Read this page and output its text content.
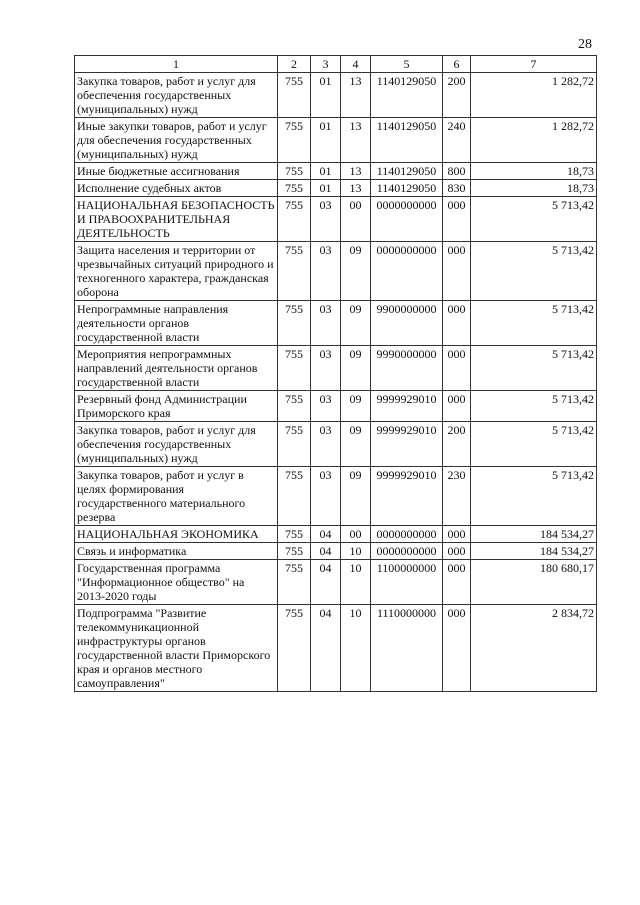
28
1	2	3	4	5	6	7
Закупка товаров, работ и услуг для обеспечения государственных (муниципальных) нужд	755	01	13	1140129050	200	1 282,72
Иные закупки товаров, работ и услуг для обеспечения государственных (муниципальных) нужд	755	01	13	1140129050	240	1 282,72
Иные бюджетные ассигнования	755	01	13	1140129050	800	18,73
Исполнение судебных актов	755	01	13	1140129050	830	18,73
НАЦИОНАЛЬНАЯ БЕЗОПАСНОСТЬ И ПРАВООХРАНИТЕЛЬНАЯ ДЕЯТЕЛЬНОСТЬ	755	03	00	0000000000	000	5 713,42
Защита населения и территории от чрезвычайных ситуаций природного и техногенного характера, гражданская оборона	755	03	09	0000000000	000	5 713,42
Непрограммные направления деятельности органов государственной власти	755	03	09	9900000000	000	5 713,42
Мероприятия непрограммных направлений деятельности органов государственной власти	755	03	09	9990000000	000	5 713,42
Резервный фонд Администрации Приморского края	755	03	09	9999929010	000	5 713,42
Закупка товаров, работ и услуг для обеспечения государственных (муниципальных) нужд	755	03	09	9999929010	200	5 713,42
Закупка товаров, работ и услуг в целях формирования государственного материального резерва	755	03	09	9999929010	230	5 713,42
НАЦИОНАЛЬНАЯ ЭКОНОМИКА	755	04	00	0000000000	000	184 534,27
Связь и информатика	755	04	10	0000000000	000	184 534,27
Государственная программа "Информационное общество" на 2013-2020 годы	755	04	10	1100000000	000	180 680,17
Подпрограмма "Развитие телекоммуникационной инфраструктуры органов государственной власти Приморского края и органов местного самоуправления"	755	04	10	1110000000	000	2 834,72
